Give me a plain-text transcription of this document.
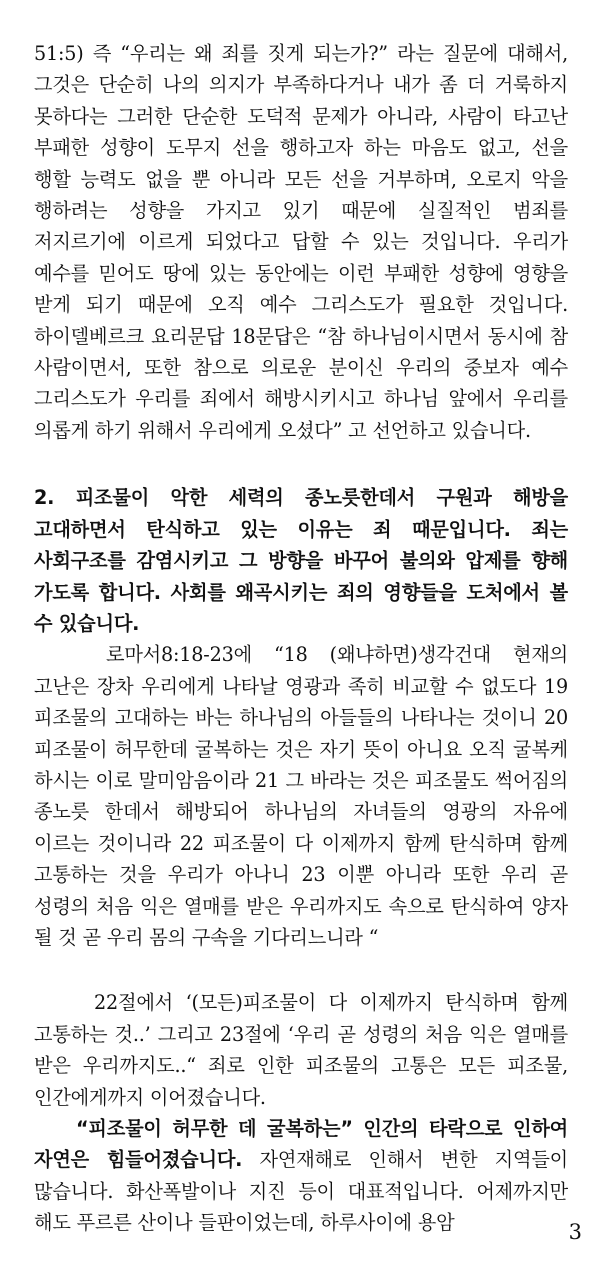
51:5) 즉 “우리는 왜 죄를 짓게 되는가?” 라는 질문에 대해서, 그것은 단순히 나의 의지가 부족하다거나 내가 좀 더 거룩하지 못하다는 그러한 단순한 도덕적 문제가 아니라, 사람이 타고난 부패한 성향이 도무지 선을 행하고자 하는 마음도 없고, 선을 행할 능력도 없을 뿐 아니라 모든 선을 거부하며, 오로지 악을 행하려는 성향을 가지고 있기 때문에 실질적인 범죄를 저지르기에 이르게 되었다고 답할 수 있는 것입니다. 우리가 예수를 믿어도 땅에 있는 동안에는 이런 부패한 성향에 영향을 받게 되기 때문에 오직 예수 그리스도가 필요한 것입니다. 하이델베르크 요리문답 18문답은 “참 하나님이시면서 동시에 참 사람이면서, 또한 참으로 의로운 분이신 우리의 중보자 예수 그리스도가 우리를 죄에서 해방시키시고 하나님 앞에서 우리를 의롭게 하기 위해서 우리에게 오셨다” 고 선언하고 있습니다.

2. 피조물이 악한 세력의 종노릇한데서 구원과 해방을 고대하면서 탄식하고 있는 이유는 죄 때문입니다. 죄는 사회구조를 감염시키고 그 방향을 바꾸어 불의와 압제를 향해 가도록 합니다. 사회를 왜곡시키는 죄의 영향들을 도처에서 볼 수 있습니다.

로마서8:18-23에 “18 (왜냐하면)생각건대 현재의 고난은 장차 우리에게 나타날 영광과 족히 비교할 수 없도다 19 피조물의 고대하는 바는 하나님의 아들들의 나타나는 것이니 20 피조물이 허무한데 굴복하는 것은 자기 뜻이 아니요 오직 굴복케 하시는 이로 말미암음이라 21 그 바라는 것은 피조물도 썩어짐의 종노릇 한데서 해방되어 하나님의 자녀들의 영광의 자유에 이르는 것이니라 22 피조물이 다 이제까지 함께 탄식하며 함께 고통하는 것을 우리가 아나니 23 이뿐 아니라 또한 우리 곧 성령의 처음 익은 열매를 받은 우리까지도 속으로 탄식하여 양자 될 것 곧 우리 몸의 구속을 기다리느니라 “

22절에서 ‘(모든)피조물이 다 이제까지 탄식하며 함께 고통하는 것..’ 그리고 23절에 ‘우리 곧 성령의 처음 익은 열매를 받은 우리까지도..“ 죄로 인한 피조물의 고통은 모든 피조물, 인간에게까지 이어졌습니다.

“피조물이 허무한 데 굴복하는” 인간의 타락으로 인하여 자연은 힘들어졌습니다. 자연재해로 인해서 변한 지역들이 많습니다. 화산폭발이나 지진 등이 대표적입니다. 어제까지만 해도 푸르른 산이나 들판이었는데, 하루사이에 용암	3
